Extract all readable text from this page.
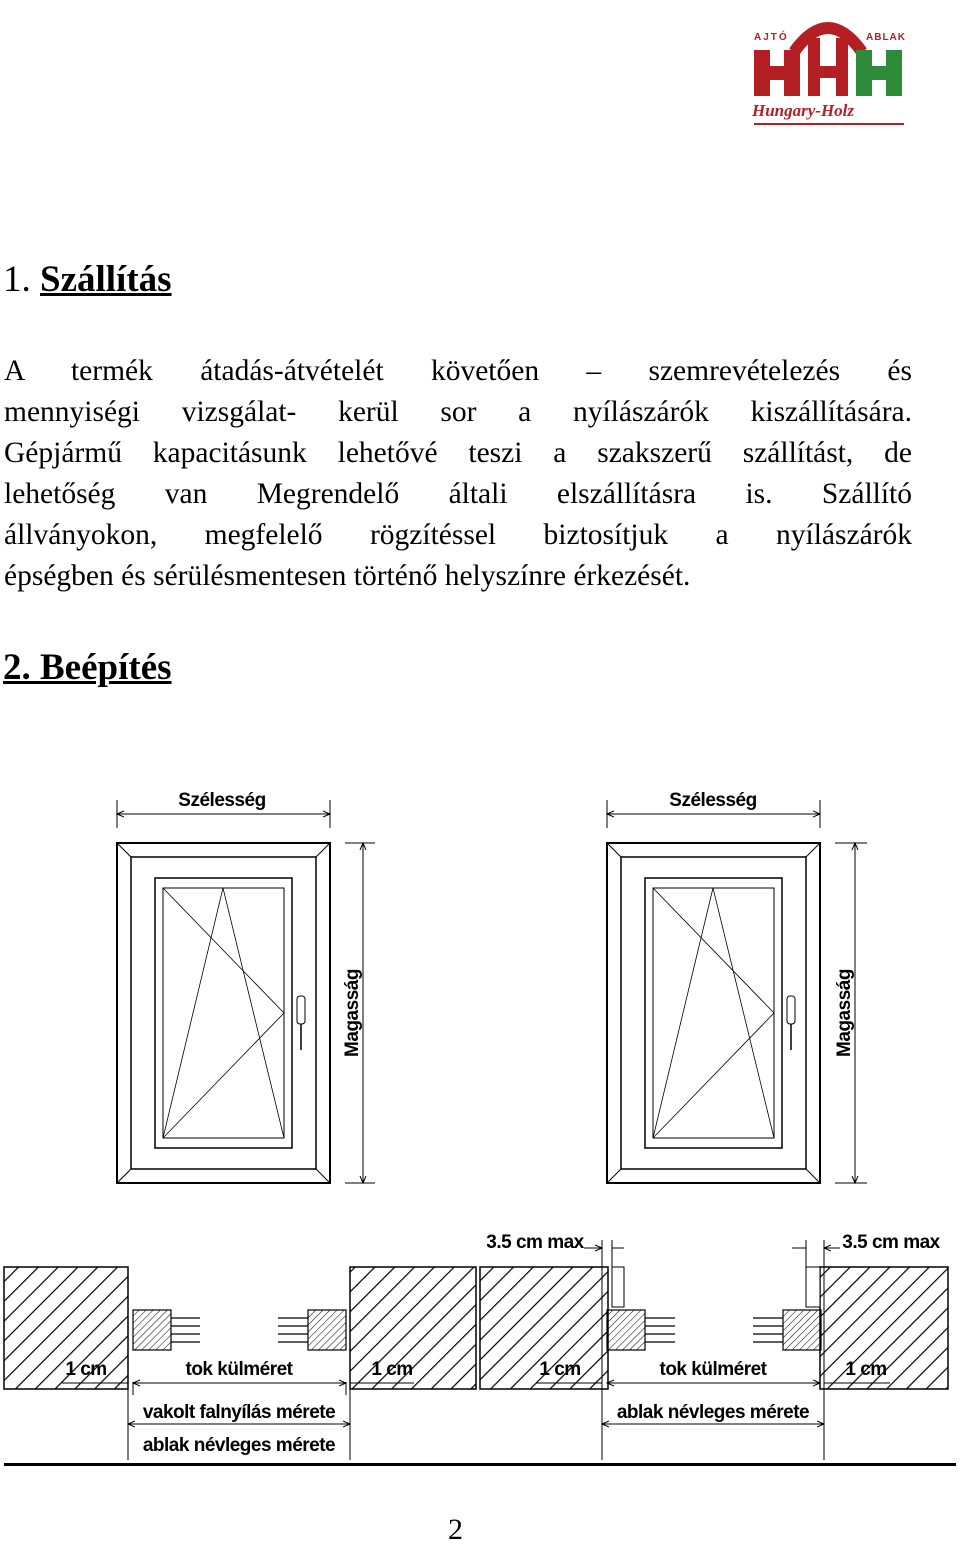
AJTÓ	ABLAK
Hungary-Holz
1. Szállítás
A termék átadás-átvételét követően – szemrevételezés és
mennyiségi vizsgálat- kerül sor a nyílászárók kiszállítására.
Gépjármű kapacitásunk lehetővé teszi a szakszerű szállítást, de
lehetőség van Megrendelő általi elszállításra is. Szállító
állványokon, megfelelő rögzítéssel biztosítjuk a nyílászárók
épségben és sérülésmentesen történő helyszínre érkezését.
2. Beépítés
Szélesség
Magasság
Szélesség
Magasság
1 cm	tok külméret	1 cm
vakolt falnyílás mérete
ablak névleges mérete
3.5 cm max	3.5 cm max
1 cm	tok külméret	1 cm
ablak névleges mérete
2
